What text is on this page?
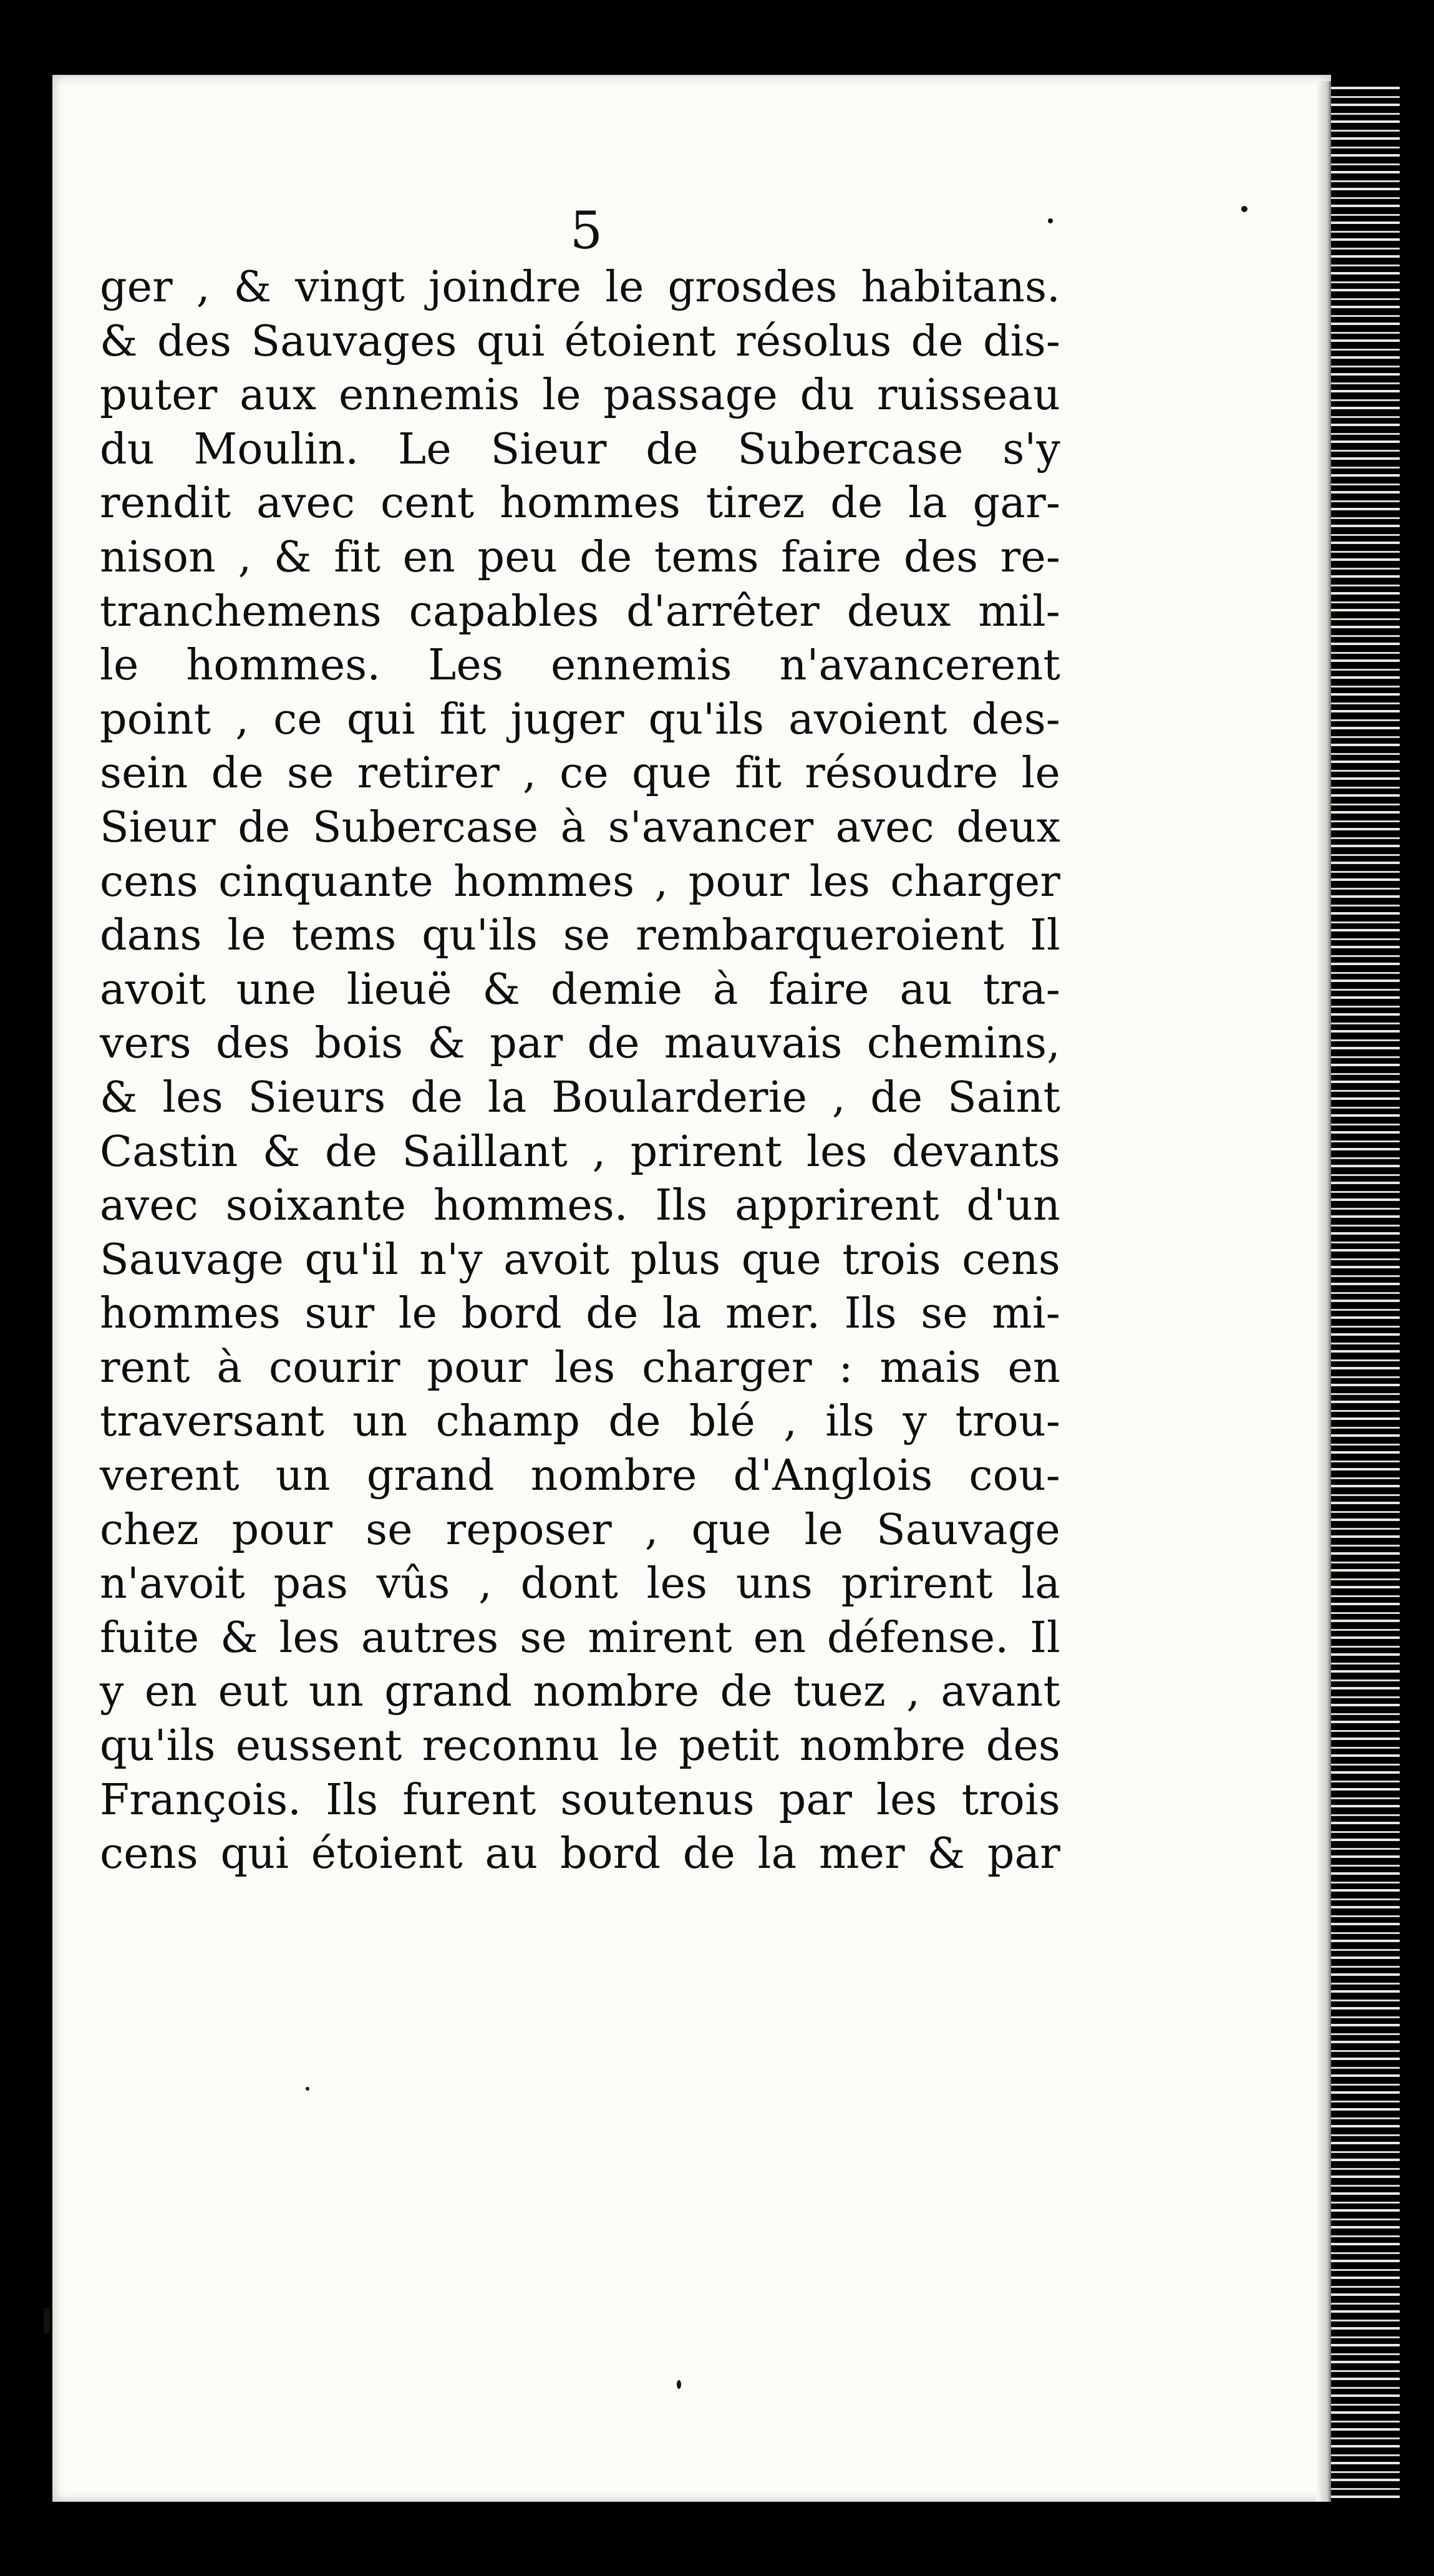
5
ger , & vingt joindre le grosdes habitans.
& des Sauvages qui étoient résolus de dis-
puter aux ennemis le passage du ruisseau
du Moulin. Le Sieur de Subercase s'y
rendit avec cent hommes tirez de la gar-
nison , & fit en peu de tems faire des re-
tranchemens capables d'arrêter deux mil-
le hommes. Les ennemis n'avancerent
point , ce qui fit juger qu'ils avoient des-
sein de se retirer , ce que fit résoudre le
Sieur de Subercase à s'avancer avec deux
cens cinquante hommes , pour les charger
dans le tems qu'ils se rembarqueroient Il
avoit une lieuë & demie à faire au tra-
vers des bois & par de mauvais chemins,
& les Sieurs de la Boularderie , de Saint
Castin & de Saillant , prirent les devants
avec soixante hommes. Ils apprirent d'un
Sauvage qu'il n'y avoit plus que trois cens
hommes sur le bord de la mer. Ils se mi-
rent à courir pour les charger : mais en
traversant un champ de blé , ils y trou-
verent un grand nombre d'Anglois cou-
chez pour se reposer , que le Sauvage
n'avoit pas vûs , dont les uns prirent la
fuite & les autres se mirent en défense. Il
y en eut un grand nombre de tuez , avant
qu'ils eussent reconnu le petit nombre des
François. Ils furent soutenus par les trois
cens qui étoient au bord de la mer & par
